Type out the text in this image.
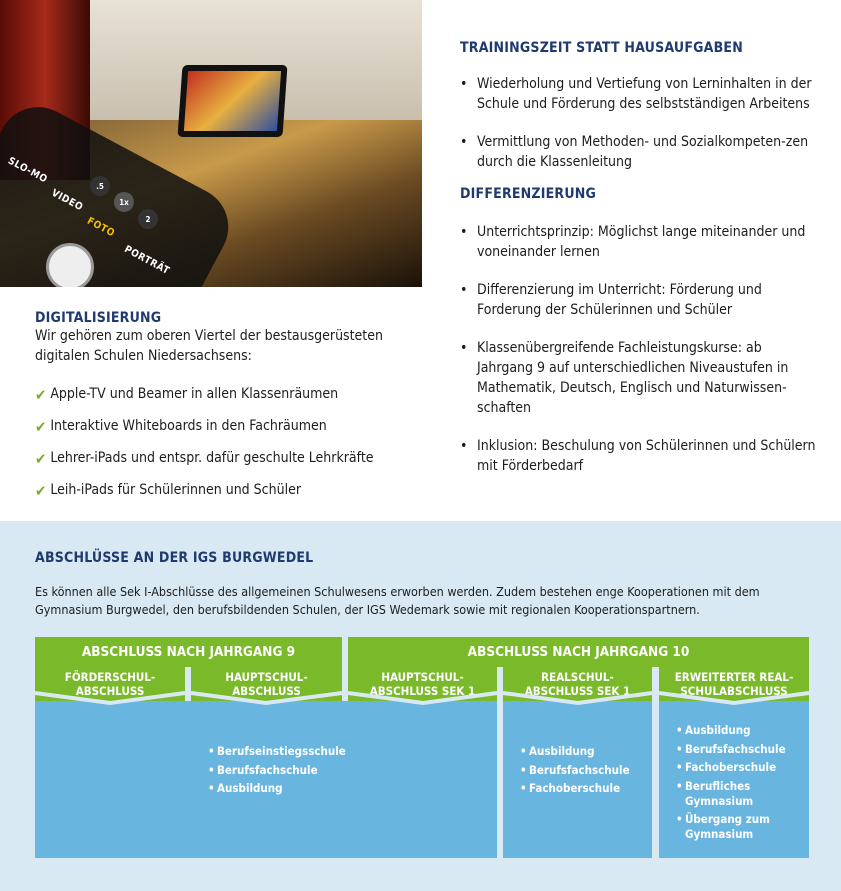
SLO-MO
VIDEO
FOTO
PORTRÄT
.5
1x
2
DIGITALISIERUNG

Wir gehören zum oberen Viertel der bestausgerüsteten digitalen Schulen Niedersachsens:

✔ Apple-TV und Beamer in allen Klassenräumen
✔ Interaktive Whiteboards in den Fachräumen
✔ Lehrer-iPads und entspr. dafür geschulte Lehrkräfte
✔ Leih-iPads für Schülerinnen und Schüler
TRAININGSZEIT STATT HAUSAUFGABEN
• Wiederholung und Vertiefung von Lerninhalten in der Schule und Förderung des selbstständigen Arbeitens
• Vermittlung von Methoden- und Sozialkompeten-zen durch die Klassenleitung
DIFFERENZIERUNG
• Unterrichtsprinzip: Möglichst lange miteinander und voneinander lernen
• Differenzierung im Unterricht: Förderung und Forderung der Schülerinnen und Schüler
• Klassenübergreifende Fachleistungskurse: ab Jahrgang 9 auf unterschiedlichen Niveaustufen in Mathematik, Deutsch, Englisch und Naturwissen-schaften
• Inklusion: Beschulung von Schülerinnen und Schülern mit Förderbedarf
ABSCHLÜSSE AN DER IGS BURGWEDEL

Es können alle Sek I-Abschlüsse des allgemeinen Schulwesens erworben werden. Zudem bestehen enge Kooperationen mit dem Gymnasium Burgwedel, den berufsbildenden Schulen, der IGS Wedemark sowie mit regionalen Kooperationspartnern.

ABSCHLUSS NACH JAHRGANG 9	ABSCHLUSS NACH JAHRGANG 10
FÖRDERSCHUL-
ABSCHLUSS
HAUPTSCHUL-
ABSCHLUSS
HAUPTSCHUL-
ABSCHLUSS SEK 1
REALSCHUL-
ABSCHLUSS SEK 1
ERWEITERTER REAL-
SCHULABSCHLUSS
• Berufseinstiegsschule
• Berufsfachschule
• Ausbildung
• Ausbildung
• Berufsfachschule
• Fachoberschule
• Ausbildung
• Berufsfachschule
• Fachoberschule
• Berufliches Gymnasium
• Übergang zum Gymnasium
